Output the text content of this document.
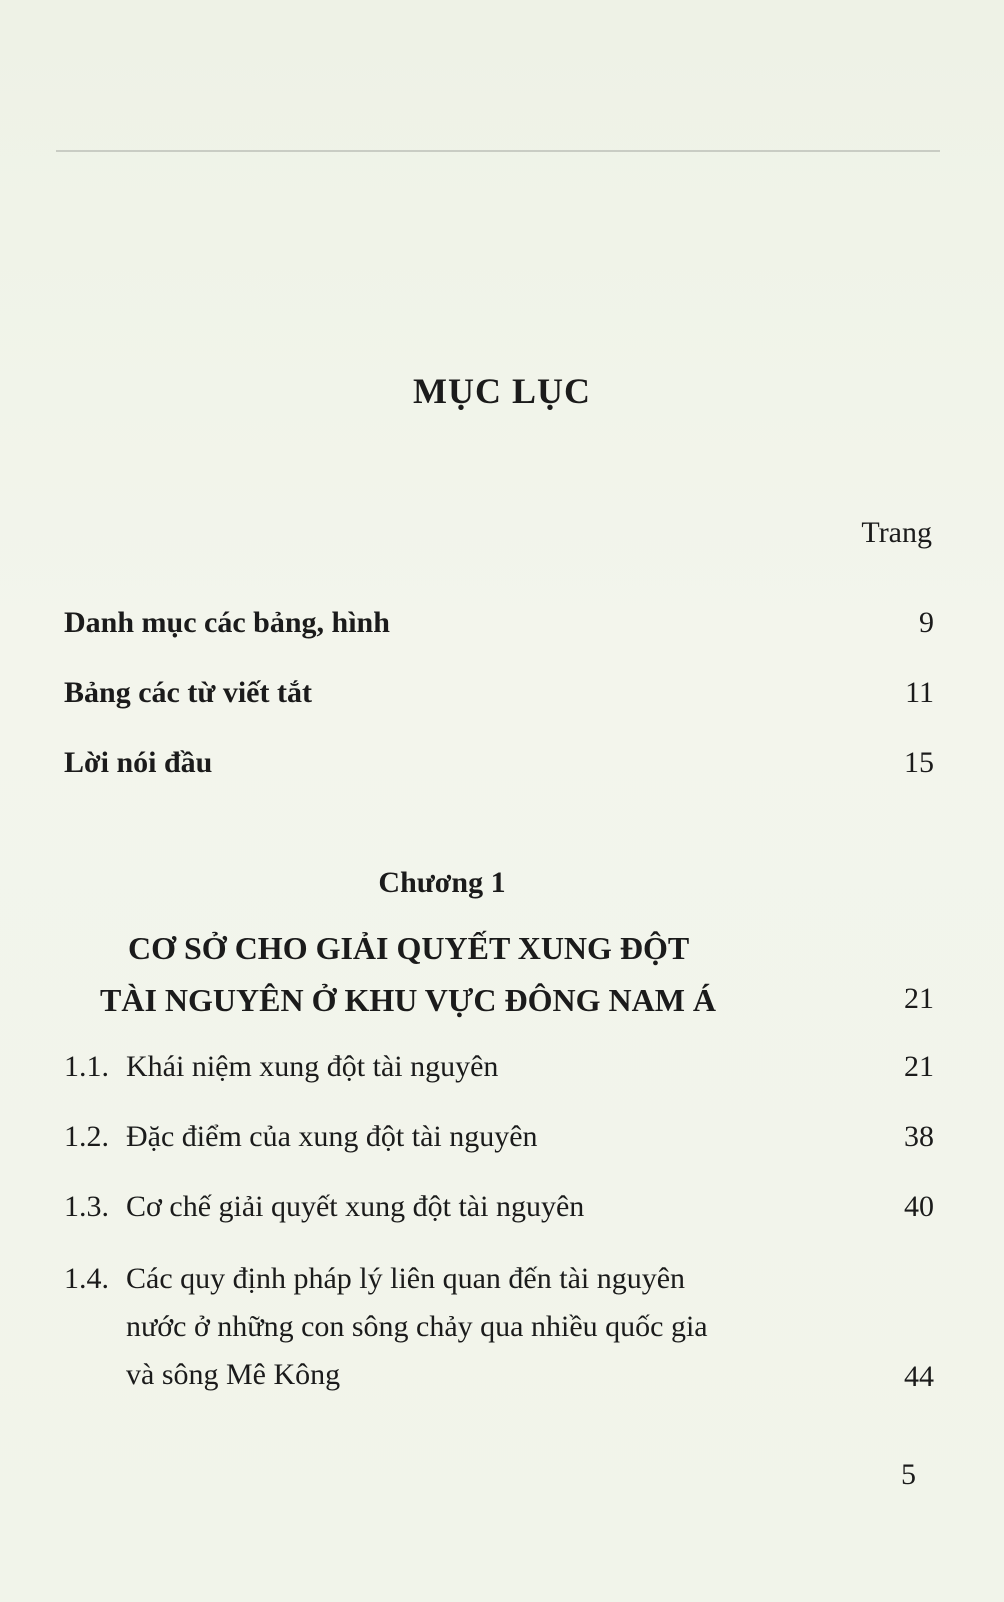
MỤC LỤC
Trang
Danh mục các bảng, hình	9
Bảng các từ viết tắt	11
Lời nói đầu	15
Chương 1
CƠ SỞ CHO GIẢI QUYẾT XUNG ĐỘT
TÀI NGUYÊN Ở KHU VỰC ĐÔNG NAM Á	21
1.1. Khái niệm xung đột tài nguyên	21
1.2. Đặc điểm của xung đột tài nguyên	38
1.3. Cơ chế giải quyết xung đột tài nguyên	40
1.4. Các quy định pháp lý liên quan đến tài nguyên
nước ở những con sông chảy qua nhiều quốc gia
và sông Mê Kông	44
5
